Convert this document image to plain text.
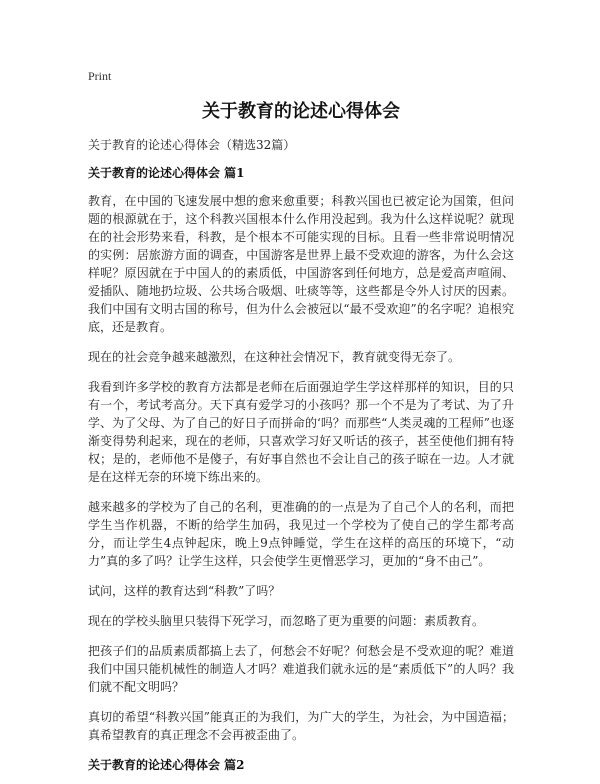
Print

关于教育的论述心得体会

关于教育的论述心得体会（精选32篇）

关于教育的论述心得体会 篇1

教育，在中国的飞速发展中想的愈来愈重要；科教兴国也已被定论为国策，但问题的根源就在于，这个科教兴国根本什么作用没起到。我为什么这样说呢？就现在的社会形势来看，科教，是个根本不可能实现的目标。且看一些非常说明情况的实例：居旅游方面的调查，中国游客是世界上最不受欢迎的游客，为什么会这样呢？原因就在于中国人的的素质低，中国游客到任何地方，总是爱高声喧闹、爱插队、随地扔垃圾、公共场合吸烟、吐痰等等，这些都是令外人讨厌的因素。我们中国有文明古国的称号，但为什么会被冠以“最不受欢迎”的名字呢？追根究底，还是教育。

现在的社会竞争越来越激烈，在这种社会情况下，教育就变得无奈了。

我看到许多学校的教育方法都是老师在后面强迫学生学这样那样的知识，目的只有一个，考试考高分。天下真有爱学习的小孩吗？那一个不是为了考试、为了升学、为了父母、为了自己的好日子而拼命的‘吗？而那些“人类灵魂的工程师”也逐渐变得势利起来，现在的老师，只喜欢学习好又听话的孩子，甚至使他们拥有特权；是的，老师他不是傻子，有好事自然也不会让自己的孩子晾在一边。人才就是在这样无奈的环境下练出来的。

越来越多的学校为了自己的名利，更准确的的一点是为了自己个人的名利，而把学生当作机器，不断的给学生加码，我见过一个学校为了使自己的学生都考高分，而让学生4点钟起床，晚上9点钟睡觉，学生在这样的高压的环境下，“动力”真的多了吗？让学生这样，只会使学生更憎恶学习，更加的“身不由己”。

试问，这样的教育达到“科教”了吗？

现在的学校头脑里只装得下死学习，而忽略了更为重要的问题：素质教育。

把孩子们的品质素质都搞上去了，何愁会不好呢？何愁会是不受欢迎的呢？难道我们中国只能机械性的制造人才吗？难道我们就永远的是“素质低下”的人吗？我们就不配文明吗？

真切的希望“科教兴国”能真正的为我们，为广大的学生，为社会，为中国造福；真希望教育的真正理念不会再被歪曲了。

关于教育的论述心得体会 篇2
